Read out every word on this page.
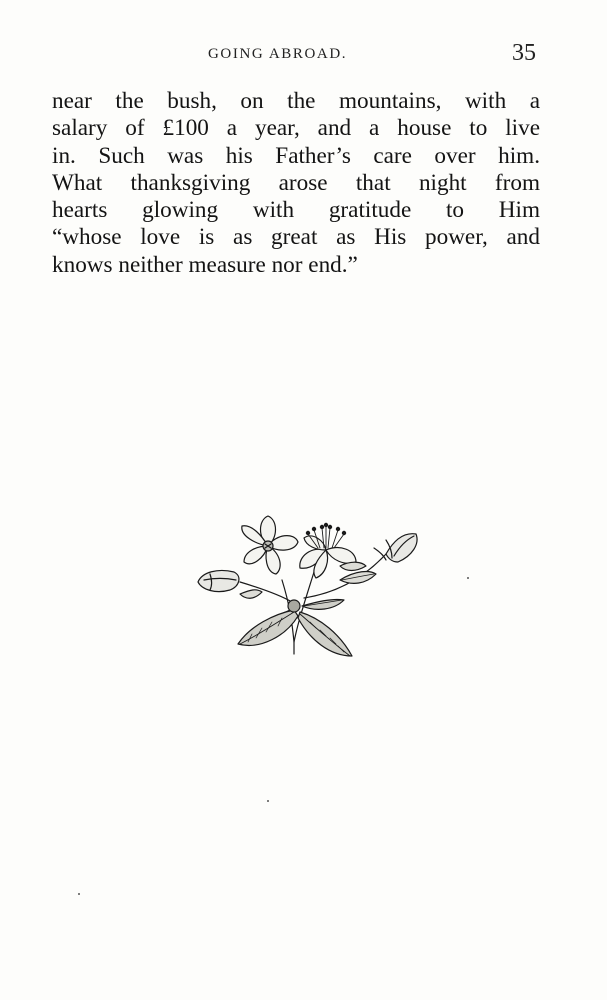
GOING ABROAD.	35

near the bush, on the mountains, with a
salary of £100 a year, and a house to live
in. Such was his Father’s care over him.
What thanksgiving arose that night from
hearts glowing with gratitude to Him
“whose love is as great as His power, and
knows neither measure nor end.”
